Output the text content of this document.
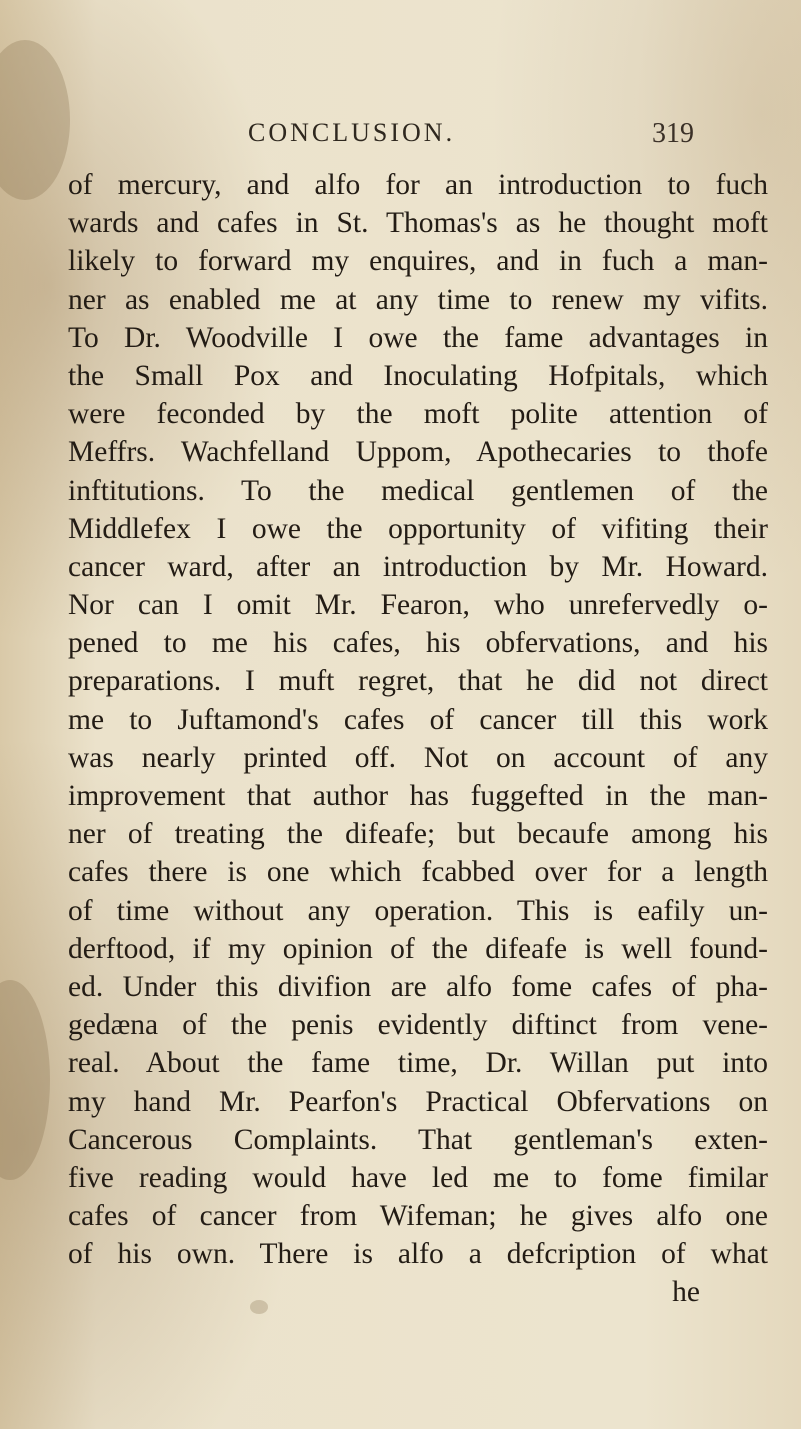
CONCLUSION.	319
of mercury, and alfo for an introduction to fuch
wards and cafes in St. Thomas's as he thought moft
likely to forward my enquires, and in fuch a man-
ner as enabled me at any time to renew my vifits.
To Dr. Woodville I owe the fame advantages in
the Small Pox and Inoculating Hofpitals, which
were feconded by the moft polite attention of
Meffrs. Wachfelland Uppom, Apothecaries to thofe
inftitutions. To the medical gentlemen of the
Middlefex I owe the opportunity of vifiting their
cancer ward, after an introduction by Mr. Howard.
Nor can I omit Mr. Fearon, who unrefervedly o-
pened to me his cafes, his obfervations, and his
preparations. I muft regret, that he did not direct
me to Juftamond's cafes of cancer till this work
was nearly printed off. Not on account of any
improvement that author has fuggefted in the man-
ner of treating the difeafe; but becaufe among his
cafes there is one which fcabbed over for a length
of time without any operation. This is eafily un-
derftood, if my opinion of the difeafe is well found-
ed. Under this divifion are alfo fome cafes of pha-
gedæna of the penis evidently diftinct from vene-
real. About the fame time, Dr. Willan put into
my hand Mr. Pearfon's Practical Obfervations on
Cancerous Complaints. That gentleman's exten-
five reading would have led me to fome fimilar
cafes of cancer from Wifeman; he gives alfo one
of his own. There is alfo a defcription of what
he
